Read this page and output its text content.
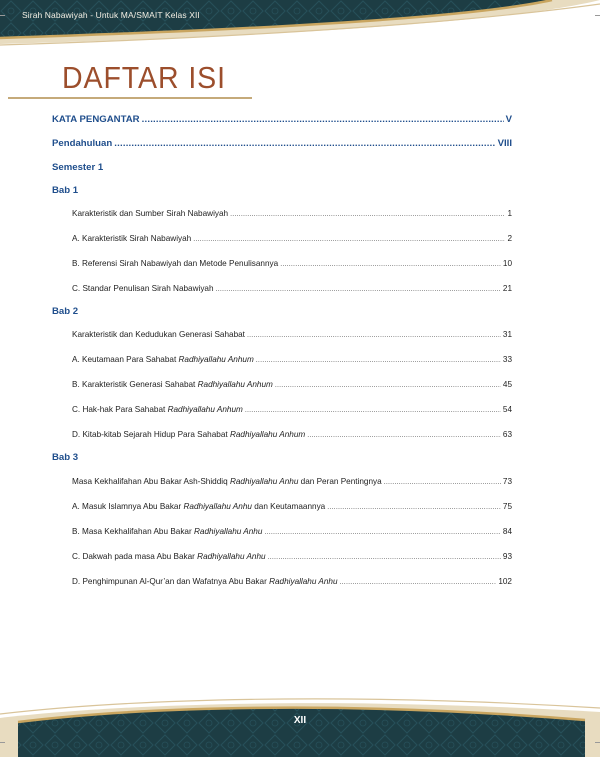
Sirah Nabawiyah - Untuk MA/SMAIT Kelas XII
DAFTAR ISI
KATA PENGANTAR .....	V
Pendahuluan .....	VIII
Semester 1
Bab 1
Karakteristik dan Sumber Sirah Nabawiyah .....	1
A. Karakteristik Sirah Nabawiyah .....	2
B. Referensi Sirah Nabawiyah dan Metode Penulisannya .....	10
C. Standar Penulisan Sirah Nabawiyah .....	21
Bab 2
Karakteristik dan Kedudukan Generasi Sahabat .....	31
A. Keutamaan Para Sahabat Radhiyallahu Anhum .....	33
B. Karakteristik Generasi Sahabat Radhiyallahu Anhum .....	45
C. Hak-hak Para Sahabat Radhiyallahu Anhum .....	54
D. Kitab-kitab Sejarah Hidup Para Sahabat Radhiyallahu Anhum .....	63
Bab 3
Masa Kekhalifahan Abu Bakar Ash-Shiddiq Radhiyallahu Anhu dan Peran Pentingnya .....	73
A. Masuk Islamnya Abu Bakar Radhiyallahu Anhu dan Keutamaannya .....	75
B. Masa Kekhalifahan Abu Bakar Radhiyallahu Anhu .....	84
C. Dakwah pada masa Abu Bakar Radhiyallahu Anhu .....	93
D. Penghimpunan Al-Qur’an dan Wafatnya Abu Bakar Radhiyallahu Anhu .....	102
XII
